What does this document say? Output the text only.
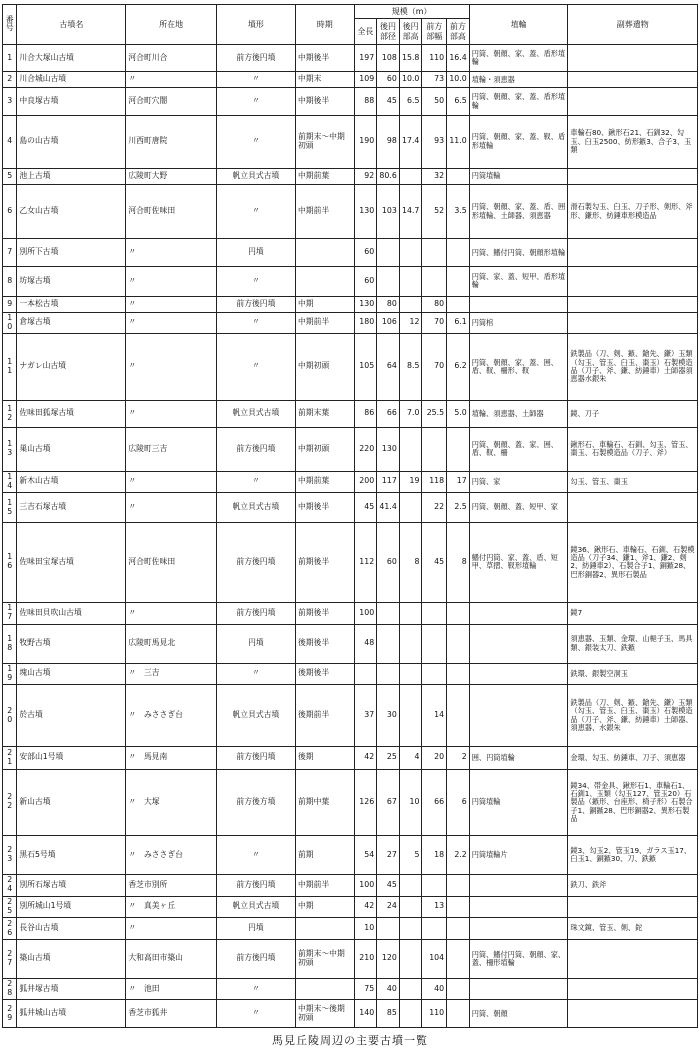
番号	古墳名	所在地	墳形	時期	規模（m）					埴輪	副葬遺物
					全長	後円部径	後円部高	前方部幅	前方部高		
1	川合大塚山古墳	河合町川合	前方後円墳	中期後半	197	108	15.8	110	16.4	円筒、朝顔、家、蓋、盾形埴輪	
2	川合城山古墳	〃	〃	中期末	109	60	10.0	73	10.0	埴輪・須恵器	
3	中良塚古墳	河合町穴闇	〃	中期後半	88	45	6.5	50	6.5	円筒、朝顔、家、蓋、盾形埴輪	
4	島の山古墳	川西町唐院	〃	前期末～中期初頭	190	98	17.4	93	11.0	円筒、朝顔、家、蓋、靫、盾形埴輪	車輪石80、鍬形石21、石釧32、勾玉、臼玉2500、紡形鏃3、合子3、玉類
5	池上古墳	広陵町大野	帆立貝式古墳	中期前葉	92	80.6		32		円筒埴輪	
6	乙女山古墳	河合町佐味田	〃	中期前半	130	103	14.7	52	3.5	円筒、朝顔、家、蓋、盾、囲形埴輪、土師器、須恵器	滑石製勾玉、臼玉、刀子形、剣形、斧形、鎌形、紡錘車形模造品
7	別所下古墳	〃	円墳		60					円筒、鰭付円筒、朝顔形埴輪	
8	坊塚古墳	〃	〃		60					円筒、家、蓋、短甲、盾形埴輪	
9	一本松古墳	〃	前方後円墳	中期	130	80		80			
10	倉塚古墳	〃	〃	中期前半	180	106	12	70	6.1	円筒棺	
11	ナガレ山古墳	〃	〃	中期初頭	105	64	8.5	70	6.2	円筒、朝顔、家、蓋、囲、盾、靫、柵形、靫	鉄製品（刀、剣、鏃、鎗先、鎌）玉類（勾玉、管玉、臼玉、棗玉）石製模造品（刀子、斧、鎌、紡錘車）土師器須恵器水銀朱
12	佐味田狐塚古墳	〃	帆立貝式古墳	前期末葉	86	66	7.0	25.5	5.0	埴輪、須恵器、土師器	鏡、刀子
13	巣山古墳	広陵町三吉	前方後円墳	中期初頭	220	130				円筒、朝顔、蓋、家、囲、盾、靫、柵	鍬形石、車輪石、石釧、勾玉、管玉、棗玉、石製模造品（刀子、斧）
14	新木山古墳	〃	〃	中期前葉	200	117	19	118	17	円筒、家	勾玉、管玉、棗玉
15	三吉石塚古墳	〃	帆立貝式古墳	中期後半	45	41.4		22	2.5	円筒、朝顔、蓋、短甲、家	
16	佐味田宝塚古墳	河合町佐味田	前方後円墳	前期後半	112	60	8	45	8	鰭付円筒、家、蓋、盾、短甲、草摺、靫形埴輪	鏡36、鍬形石、車輪石、石釧、石製模造品（刀子34、鎌1、斧1、鎌2、剣2、紡錘車2）、石製合子1、銅鏃28、巴形銅器2、異形石製品
17	佐味田貝吹山古墳	〃	前方後円墳	前期後半	100						鏡7
18	牧野古墳	広陵町馬見北	円墳	後期後半	48						須恵器、玉類、金環、山梔子玉、馬具類、銀装太刀、鉄鏃
19	塊山古墳	〃　三吉	〃	後期後半							鉄環、銀製空洞玉
20	於古墳	〃　みささぎ台	帆立貝式古墳	後期前半	37	30		14			鉄製品（刀、剣、鏃、鎗先、鎌）玉類（勾玉、管玉、臼玉、棗玉）石製模造品（刀子、斧、鎌、紡錘車）土師器、須恵器、水銀朱
21	安部山1号墳	〃　馬見南	前方後円墳	後期	42	25	4	20	2	囲、円筒埴輪	金環、勾玉、紡錘車、刀子、須恵器
22	新山古墳	〃　大塚	前方後方墳	前期中葉	126	67	10	66	6	円筒埴輪	鏡34、帯金具、鍬形石1、車輪石1、石釧1、玉類（勾玉127、管玉20）石製品（鏃形、台座形、椅子形）石製合子1、銅鏃28、巴形銅器2、異形石製品
23	黒石5号墳	〃　みささぎ台	〃	前期	54	27	5	18	2.2	円筒埴輪片	鏡3、勾玉2、管玉19、ガラス玉17、臼玉1、銅鏃30、刀、鉄鏃
24	別所石塚古墳	香芝市別所	前方後円墳	中期前半	100	45					鉄刀、鉄斧
25	別所城山1号墳	〃　真美ヶ丘	帆立貝式古墳	中期	42	24		13			
26	長谷山古墳	〃	円墳		10						珠文鏡、管玉、剣、鉈
27	築山古墳	大和高田市築山	前方後円墳	前期末～中期初頭	210	120		104		円筒、鰭付円筒、朝顔、家、蓋、柵形埴輪	
28	狐井塚古墳	〃　池田	〃		75	40		40			
29	狐井城山古墳	香芝市狐井	〃	中期末～後期初頭	140	85		110		円筒、朝顔	
馬見丘陵周辺の主要古墳一覧
